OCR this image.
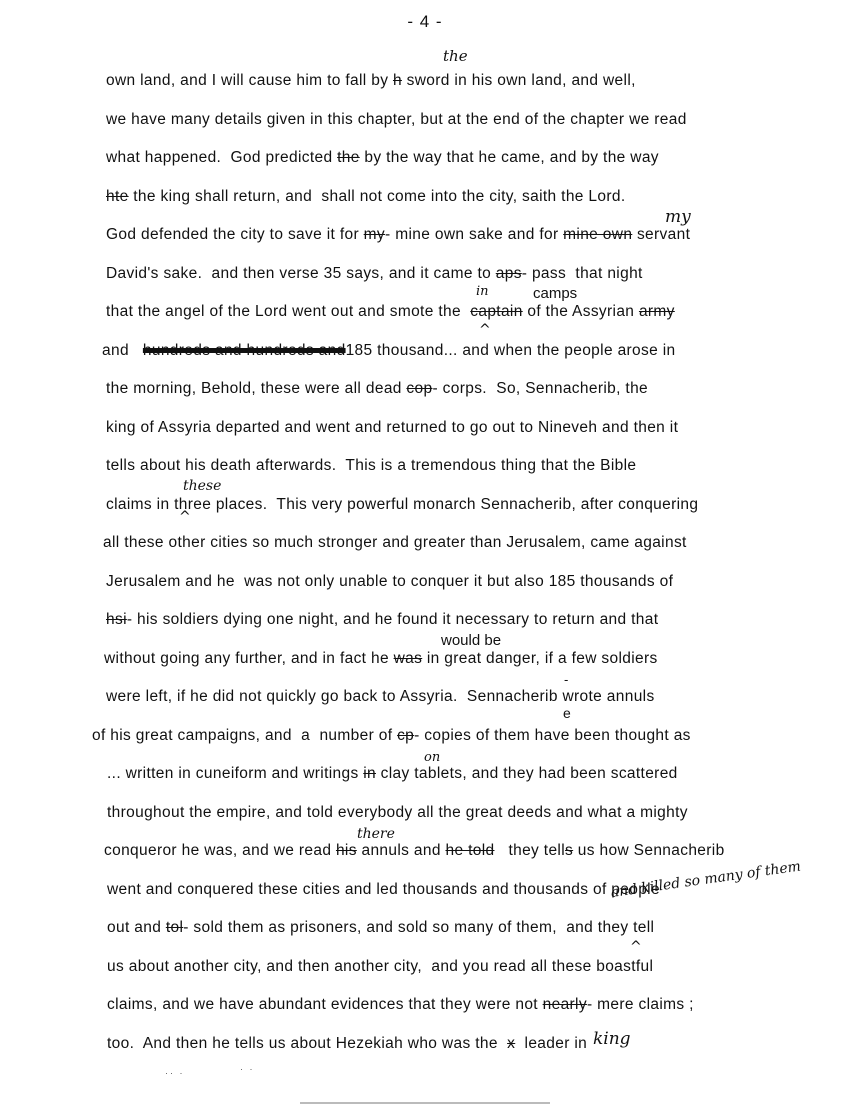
- 4 -
own land, and I will cause him to fall by h sword in his own land, and well,
we have many details given in this chapter, but at the end of the chapter we read
what happened.  God predicted the by the way that he came, and by the way
hte the king shall return, and  shall not come into the city, saith the Lord.
God defended the city to save it for my- mine own sake and for mine own servant
David's sake.  and then verse 35 says, and it came to aps- pass  that night
that the angel of the Lord went out and smote the  captain of the Assyrian army
and   hundreds and hundreds and185 thousand... and when the people arose in
the morning, Behold, these were all dead cop- corps.  So, Sennacherib, the
king of Assyria departed and went and returned to go out to Nineveh and then it
tells about his death afterwards.  This is a tremendous thing that the Bible
claims in three places.  This very powerful monarch Sennacherib, after conquering
all these other cities so much stronger and greater than Jerusalem, came against
Jerusalem and he  was not only unable to conquer it but also 185 thousands of
hsi- his soldiers dying one night, and he found it necessary to return and that
without going any further, and in fact he was in great danger, if a few soldiers
were left, if he did not quickly go back to Assyria.  Sennacherib wrote annuls
of his great campaigns, and  a  number of cp- copies of them have been thought as
... written in cuneiform and writings in clay tablets, and they had been scattered
throughout the empire, and told everybody all the great deeds and what a mighty
conqueror he was, and we read his annuls and he told   they tells us how Sennacherib
went and conquered these cities and led thousands and thousands of people
out and tol- sold them as prisoners, and sold so many of them,  and they tell
us about another city, and then another city,  and you read all these boastful
claims, and we have abundant evidences that they were not nearly- mere claims ;
too.  And then he tells us about Hezekiah who was the  x  leader in
the
my
in	camps
^
these
^
would be
-
e
on
there
and killed so many of them
^
king
·· ·	· ·
